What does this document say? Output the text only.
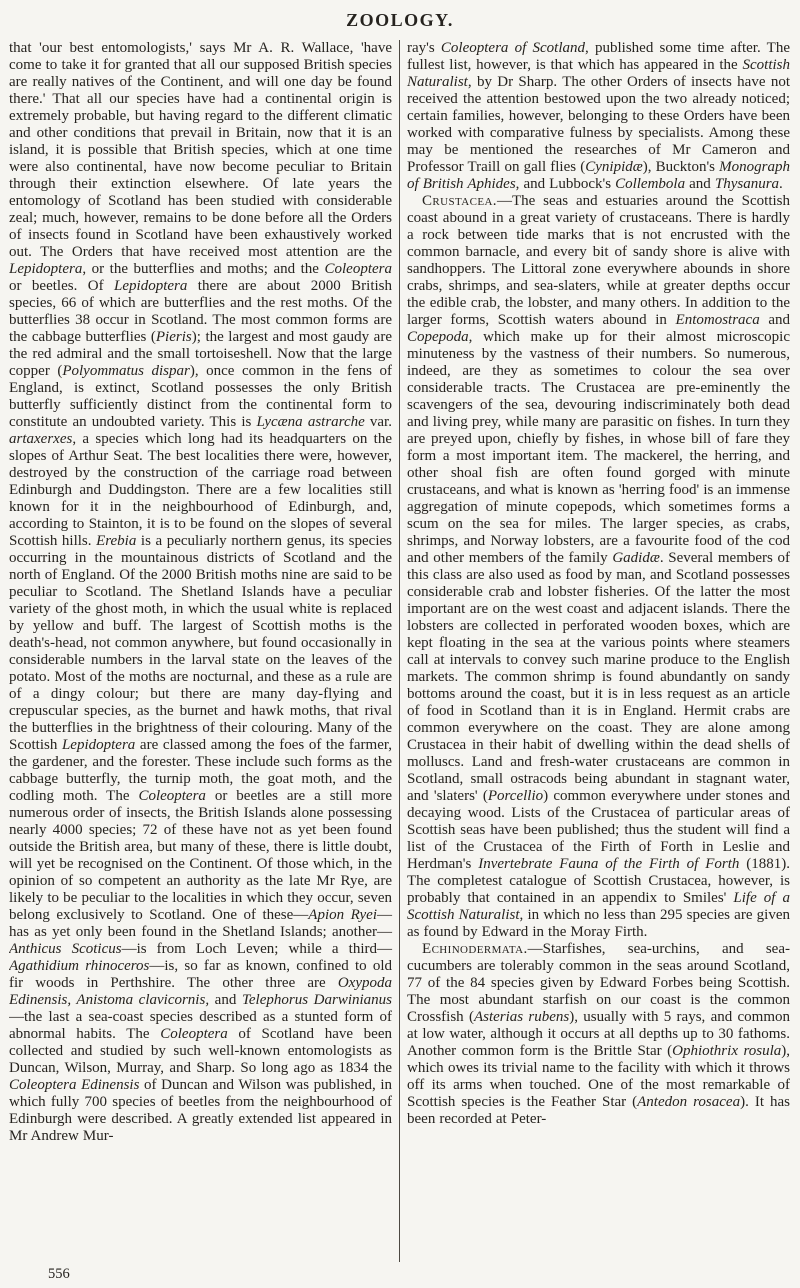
ZOOLOGY.

that 'our best entomologists,' says Mr A. R. Wallace, 'have come to take it for granted that all our supposed British species are really natives of the Continent, and will one day be found there.' That all our species have had a continental origin is extremely probable, but having regard to the different climatic and other conditions that prevail in Britain, now that it is an island, it is possible that British species, which at one time were also continental, have now become peculiar to Britain through their extinction elsewhere. Of late years the entomology of Scotland has been studied with considerable zeal; much, however, remains to be done before all the Orders of insects found in Scotland have been exhaustively worked out. The Orders that have received most attention are the Lepidoptera, or the butterflies and moths; and the Coleoptera or beetles. Of Lepidoptera there are about 2000 British species, 66 of which are butterflies and the rest moths. Of the butterflies 38 occur in Scotland. The most common forms are the cabbage butterflies (Pieris); the largest and most gaudy are the red admiral and the small tortoiseshell. Now that the large copper (Polyommatus dispar), once common in the fens of England, is extinct, Scotland possesses the only British butterfly sufficiently distinct from the continental form to constitute an undoubted variety. This is Lycæna astrarche var. artaxerxes, a species which long had its headquarters on the slopes of Arthur Seat. The best localities there were, however, destroyed by the construction of the carriage road between Edinburgh and Duddingston. There are a few localities still known for it in the neighbourhood of Edinburgh, and, according to Stainton, it is to be found on the slopes of several Scottish hills. Erebia is a peculiarly northern genus, its species occurring in the mountainous districts of Scotland and the north of England. Of the 2000 British moths nine are said to be peculiar to Scotland. The Shetland Islands have a peculiar variety of the ghost moth, in which the usual white is replaced by yellow and buff. The largest of Scottish moths is the death's-head, not common anywhere, but found occasionally in considerable numbers in the larval state on the leaves of the potato. Most of the moths are nocturnal, and these as a rule are of a dingy colour; but there are many day-flying and crepuscular species, as the burnet and hawk moths, that rival the butterflies in the brightness of their colouring. Many of the Scottish Lepidoptera are classed among the foes of the farmer, the gardener, and the forester. These include such forms as the cabbage butterfly, the turnip moth, the goat moth, and the codling moth. The Coleoptera or beetles are a still more numerous order of insects, the British Islands alone possessing nearly 4000 species; 72 of these have not as yet been found outside the British area, but many of these, there is little doubt, will yet be recognised on the Continent. Of those which, in the opinion of so competent an authority as the late Mr Rye, are likely to be peculiar to the localities in which they occur, seven belong exclusively to Scotland. One of these—Apion Ryei—has as yet only been found in the Shetland Islands; another—Anthicus Scoticus—is from Loch Leven; while a third—Agathidium rhinoceros—is, so far as known, confined to old fir woods in Perthshire. The other three are Oxypoda Edinensis, Anistoma clavicornis, and Telephorus Darwinianus—the last a sea-coast species described as a stunted form of abnormal habits. The Coleoptera of Scotland have been collected and studied by such well-known entomologists as Duncan, Wilson, Murray, and Sharp. So long ago as 1834 the Coleoptera Edinensis of Duncan and Wilson was published, in which fully 700 species of beetles from the neighbourhood of Edinburgh were described. A greatly extended list appeared in Mr Andrew Mur-

ray's Coleoptera of Scotland, published some time after. The fullest list, however, is that which has appeared in the Scottish Naturalist, by Dr Sharp. The other Orders of insects have not received the attention bestowed upon the two already noticed; certain families, however, belonging to these Orders have been worked with comparative fulness by specialists. Among these may be mentioned the researches of Mr Cameron and Professor Traill on gall flies (Cynipidæ), Buckton's Monograph of British Aphides, and Lubbock's Collembola and Thysanura.

Crustacea.—The seas and estuaries around the Scottish coast abound in a great variety of crustaceans. There is hardly a rock between tide marks that is not encrusted with the common barnacle, and every bit of sandy shore is alive with sandhoppers. The Littoral zone everywhere abounds in shore crabs, shrimps, and sea-slaters, while at greater depths occur the edible crab, the lobster, and many others. In addition to the larger forms, Scottish waters abound in Entomostraca and Copepoda, which make up for their almost microscopic minuteness by the vastness of their numbers. So numerous, indeed, are they as sometimes to colour the sea over considerable tracts. The Crustacea are pre-eminently the scavengers of the sea, devouring indiscriminately both dead and living prey, while many are parasitic on fishes. In turn they are preyed upon, chiefly by fishes, in whose bill of fare they form a most important item. The mackerel, the herring, and other shoal fish are often found gorged with minute crustaceans, and what is known as 'herring food' is an immense aggregation of minute copepods, which sometimes forms a scum on the sea for miles. The larger species, as crabs, shrimps, and Norway lobsters, are a favourite food of the cod and other members of the family Gadidæ. Several members of this class are also used as food by man, and Scotland possesses considerable crab and lobster fisheries. Of the latter the most important are on the west coast and adjacent islands. There the lobsters are collected in perforated wooden boxes, which are kept floating in the sea at the various points where steamers call at intervals to convey such marine produce to the English markets. The common shrimp is found abundantly on sandy bottoms around the coast, but it is in less request as an article of food in Scotland than it is in England. Hermit crabs are common everywhere on the coast. They are alone among Crustacea in their habit of dwelling within the dead shells of molluscs. Land and fresh-water crustaceans are common in Scotland, small ostracods being abundant in stagnant water, and 'slaters' (Porcellio) common everywhere under stones and decaying wood. Lists of the Crustacea of particular areas of Scottish seas have been published; thus the student will find a list of the Crustacea of the Firth of Forth in Leslie and Herdman's Invertebrate Fauna of the Firth of Forth (1881). The completest catalogue of Scottish Crustacea, however, is probably that contained in an appendix to Smiles' Life of a Scottish Naturalist, in which no less than 295 species are given as found by Edward in the Moray Firth.

Echinodermata.—Starfishes, sea-urchins, and sea-cucumbers are tolerably common in the seas around Scotland, 77 of the 84 species given by Edward Forbes being Scottish. The most abundant starfish on our coast is the common Crossfish (Asterias rubens), usually with 5 rays, and common at low water, although it occurs at all depths up to 30 fathoms. Another common form is the Brittle Star (Ophiothrix rosula), which owes its trivial name to the facility with which it throws off its arms when touched. One of the most remarkable of Scottish species is the Feather Star (Antedon rosacea). It has been recorded at Peter-

556
